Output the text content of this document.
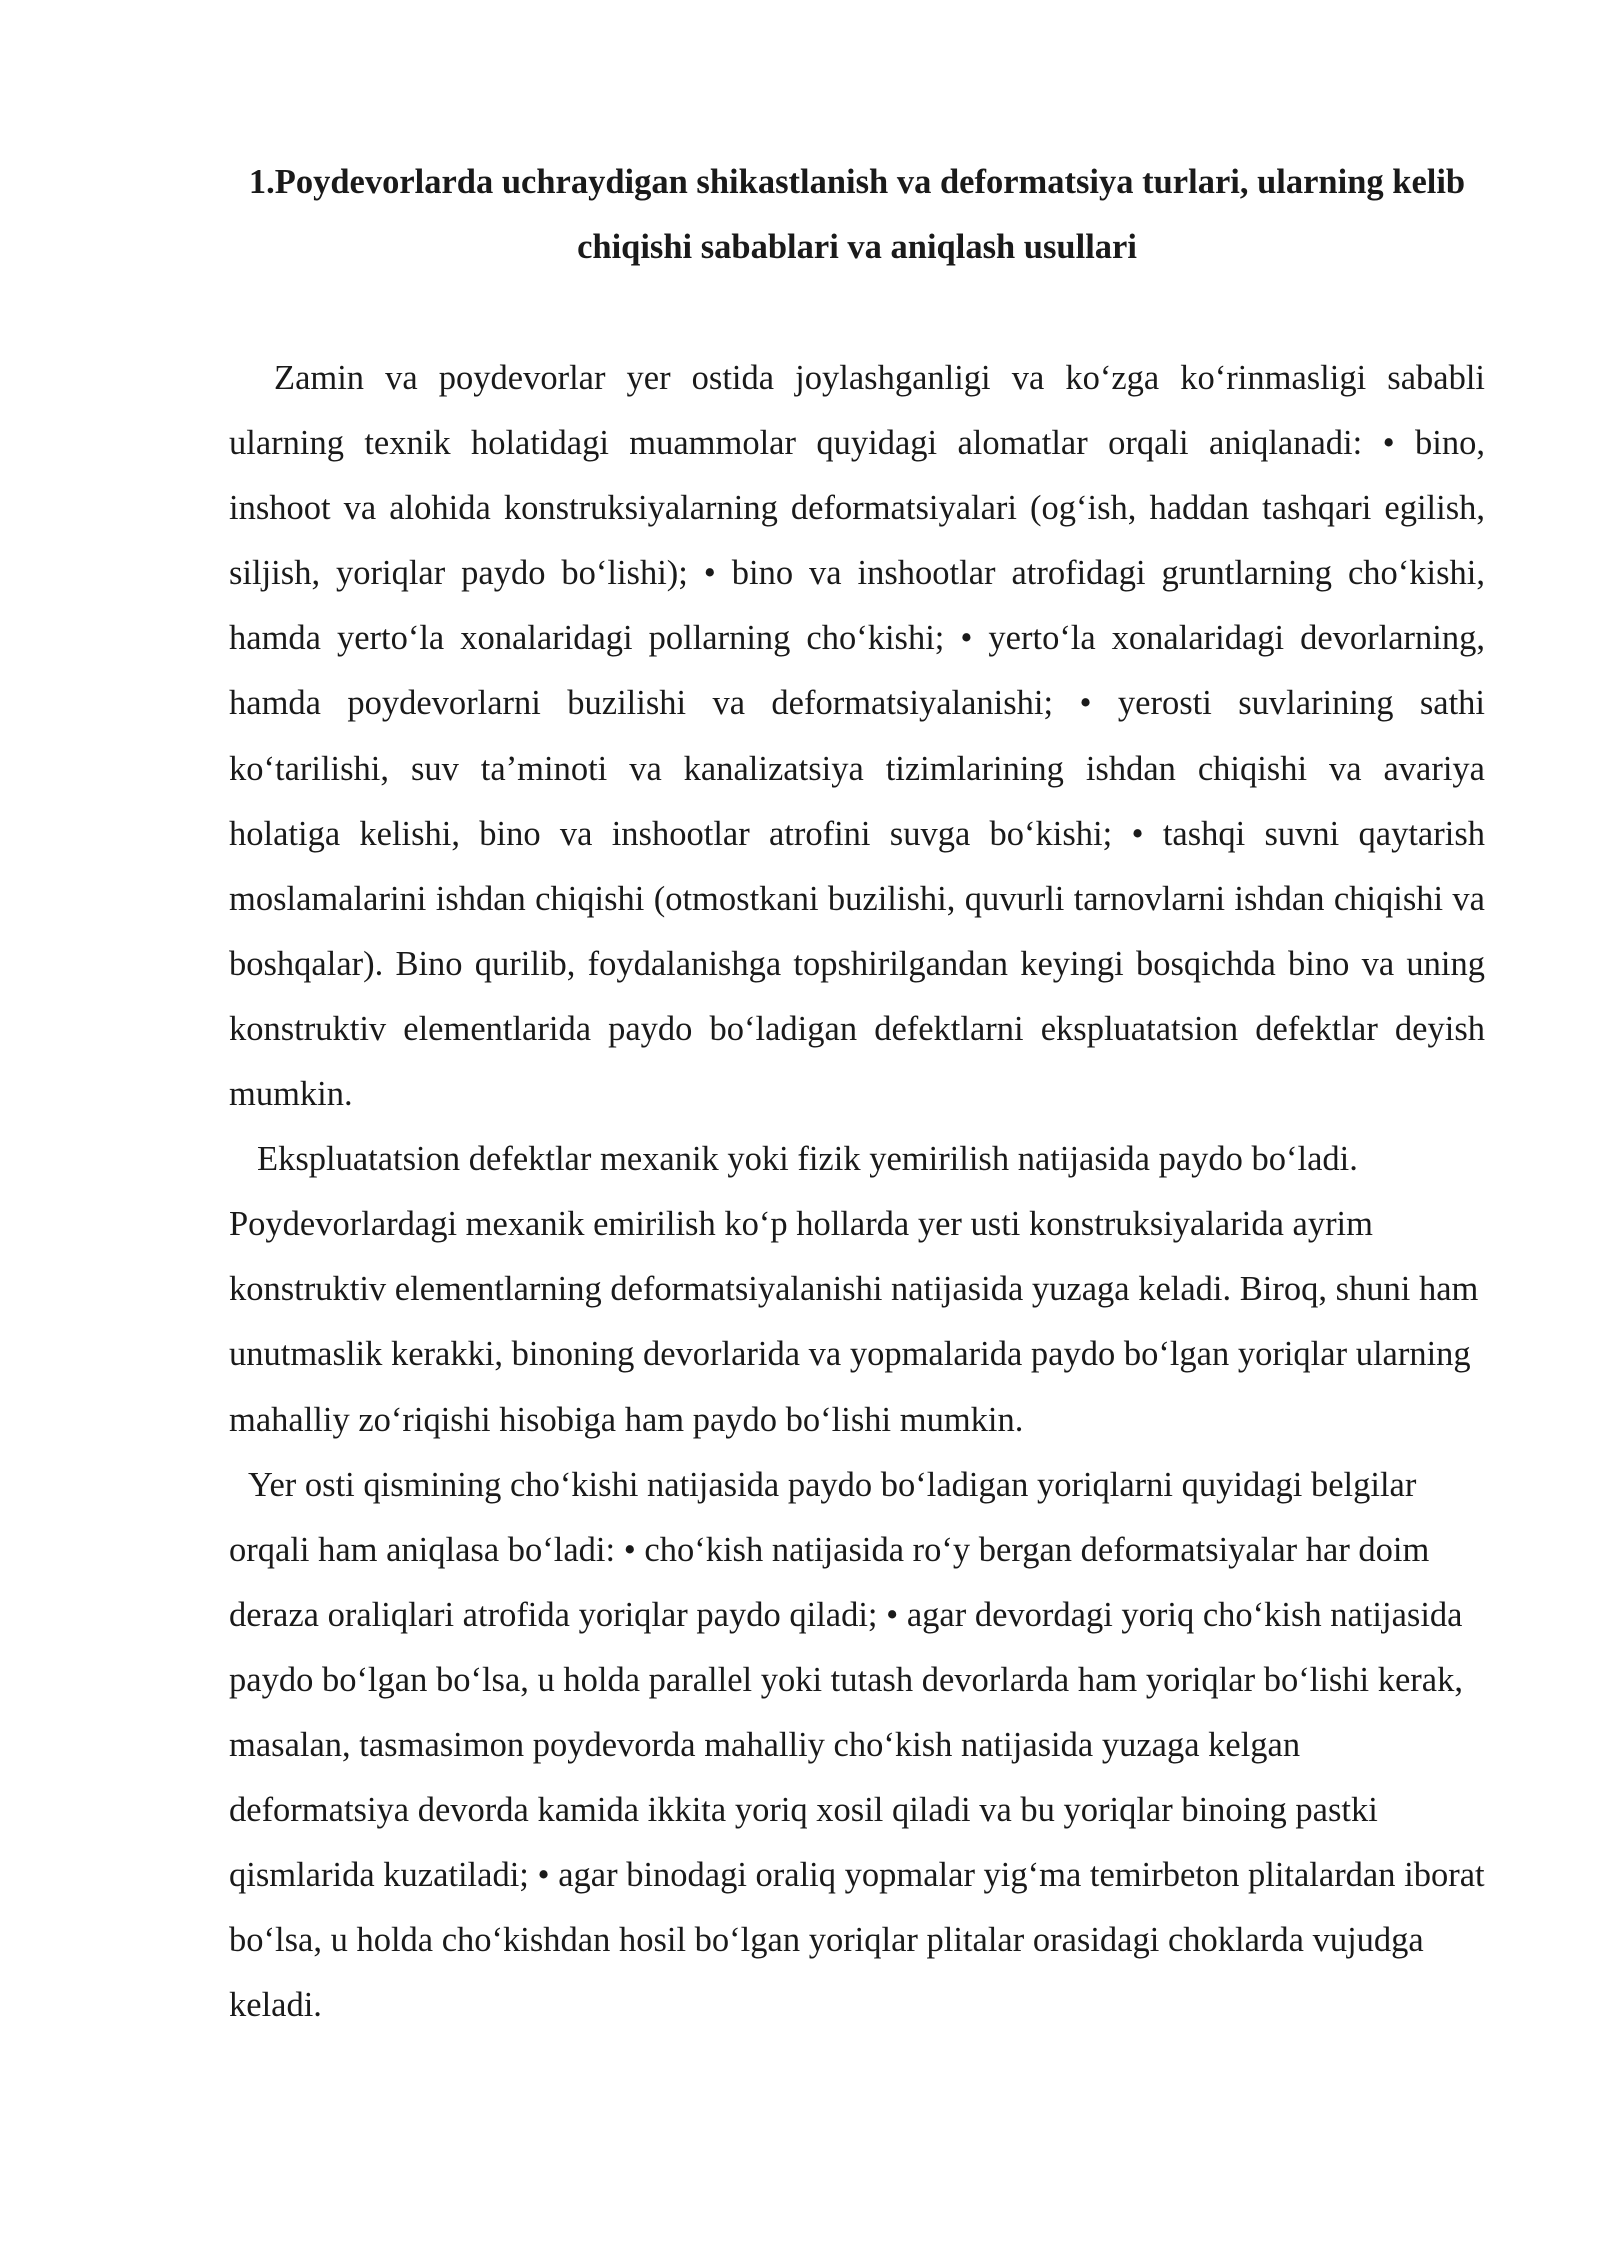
1.Poydevorlarda uchraydigan shikastlanish va deformatsiya turlari, ularning kelib chiqishi sabablari va aniqlash usullari

Zamin va poydevorlar yer ostida joylashganligi va koʻzga koʻrinmasligi sababli ularning texnik holatidagi muammolar quyidagi alomatlar orqali aniqlanadi: • bino, inshoot va alohida konstruksiyalarning deformatsiyalari (ogʻish, haddan tashqari egilish, siljish, yoriqlar paydo boʻlishi); • bino va inshootlar atrofidagi gruntlarning choʻkishi, hamda yertoʻla xonalaridagi pollarning choʻkishi; • yertoʻla xonalaridagi devorlarning, hamda poydevorlarni buzilishi va deformatsiyalanishi; • yerosti suvlarining sathi koʻtarilishi, suv taʼminoti va kanalizatsiya tizimlarining ishdan chiqishi va avariya holatiga kelishi, bino va inshootlar atrofini suvga boʻkishi; • tashqi suvni qaytarish moslamalarini ishdan chiqishi (otmostkani buzilishi, quvurli tarnovlarni ishdan chiqishi va boshqalar). Bino qurilib, foydalanishga topshirilgandan keyingi bosqichda bino va uning konstruktiv elementlarida paydo boʻladigan defektlarni ekspluatatsion defektlar deyish mumkin.

Ekspluatatsion defektlar mexanik yoki fizik yemirilish natijasida paydo boʻladi. Poydevorlardagi mexanik emirilish koʻp hollarda yer usti konstruksiyalarida ayrim konstruktiv elementlarning deformatsiyalanishi natijasida yuzaga keladi. Biroq, shuni ham unutmaslik kerakki, binoning devorlarida va yopmalarida paydo boʻlgan yoriqlar ularning mahalliy zoʻriqishi hisobiga ham paydo boʻlishi mumkin.

Yer osti qismining choʻkishi natijasida paydo boʻladigan yoriqlarni quyidagi belgilar orqali ham aniqlasa boʻladi: • choʻkish natijasida roʻy bergan deformatsiyalar har doim deraza oraliqlari atrofida yoriqlar paydo qiladi; • agar devordagi yoriq choʻkish natijasida paydo boʻlgan boʻlsa, u holda parallel yoki tutash devorlarda ham yoriqlar boʻlishi kerak, masalan, tasmasimon poydevorda mahalliy choʻkish natijasida yuzaga kelgan deformatsiya devorda kamida ikkita yoriq xosil qiladi va bu yoriqlar binoing pastki qismlarida kuzatiladi; • agar binodagi oraliq yopmalar yigʻma temirbeton plitalardan iborat boʻlsa, u holda choʻkishdan hosil boʻlgan yoriqlar plitalar orasidagi choklarda vujudga keladi.
